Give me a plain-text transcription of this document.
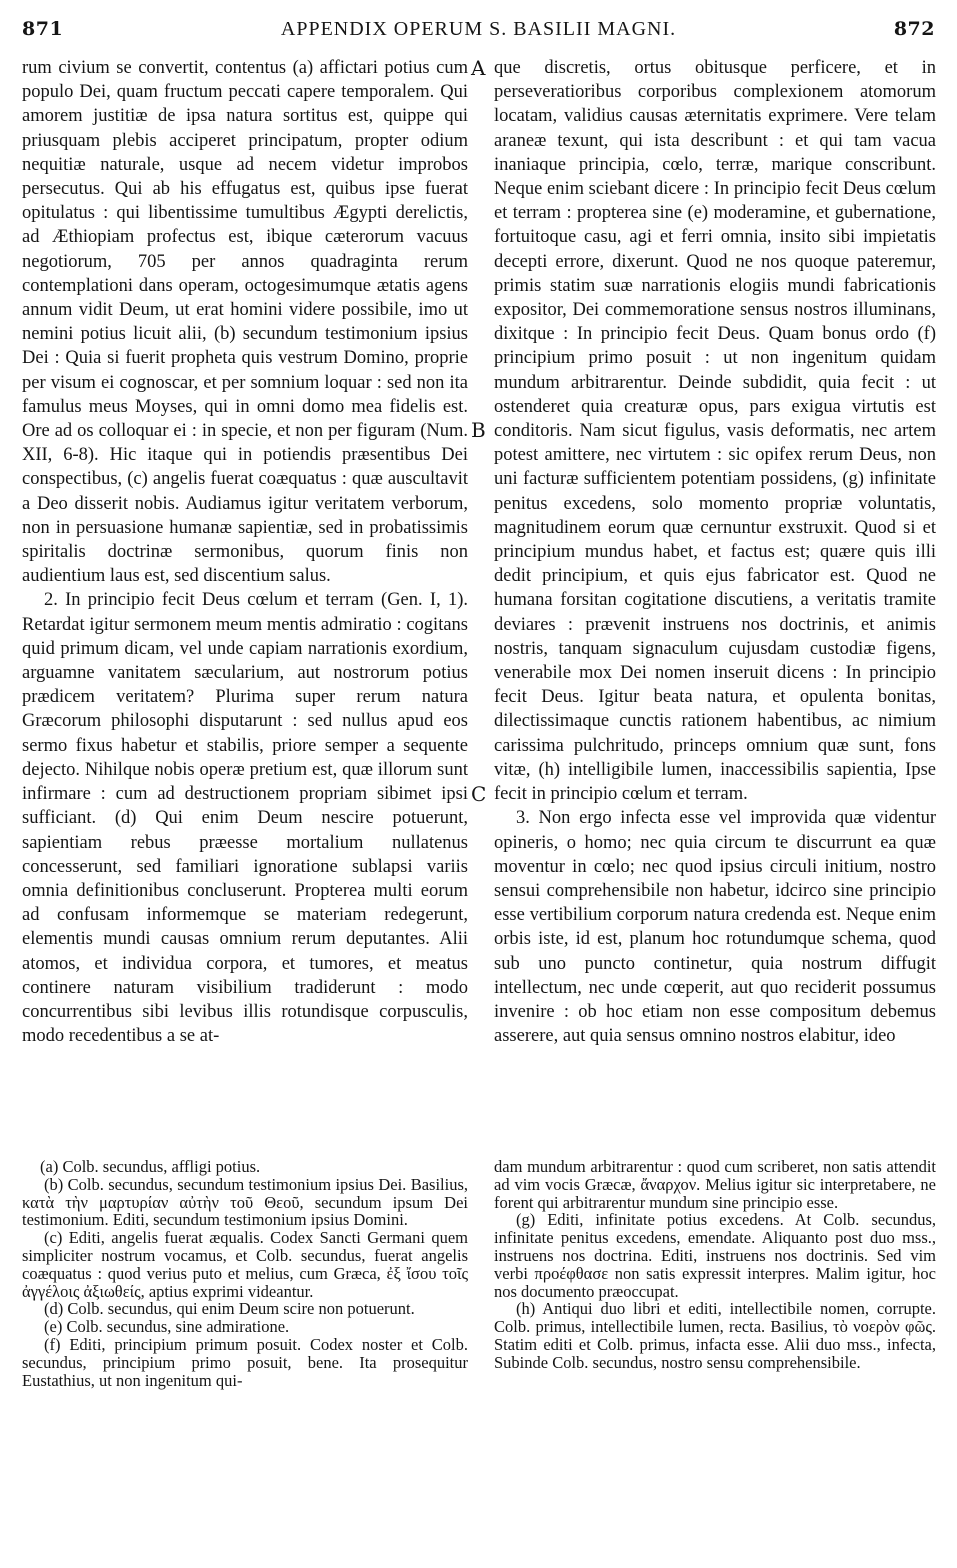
871	APPENDIX OPERUM S. BASILII MAGNI.	872

rum civium se convertit, contentus (a) affictari potius cum populo Dei, quam fructum peccati capere temporalem. Qui amorem justitiæ de ipsa natura sortitus est, quippe qui priusquam plebis acciperet principatum, propter odium nequitiæ naturale, usque ad necem videtur improbos persecutus. Qui ab his effugatus est, quibus ipse fuerat opitulatus : qui libentissime tumultibus Ægypti derelictis, ad Æthiopiam profectus est, ibique cæterorum vacuus negotiorum, 705 per annos quadraginta rerum contemplationi dans operam, octogesimumque ætatis agens annum vidit Deum, ut erat homini videre possibile, imo ut nemini potius licuit alii, (b) secundum testimonium ipsius Dei : Quia si fuerit propheta quis vestrum Domino, proprie per visum ei cognoscar, et per somnium loquar : sed non ita famulus meus Moyses, qui in omni domo mea fidelis est. Ore ad os colloquar ei : in specie, et non per figuram (Num. XII, 6-8). Hic itaque qui in potiendis præsentibus Dei conspectibus, (c) angelis fuerat coæquatus : quæ auscultavit a Deo disserit nobis. Audiamus igitur veritatem verborum, non in persuasione humanæ sapientiæ, sed in probatissimis spiritalis doctrinæ sermonibus, quorum finis non audientium laus est, sed discentium salus.

2. In principio fecit Deus cœlum et terram (Gen. I, 1). Retardat igitur sermonem meum mentis admiratio : cogitans quid primum dicam, vel unde capiam narrationis exordium, arguamne vanitatem sæcularium, aut nostrorum potius prædicem veritatem? Plurima super rerum natura Græcorum philosophi disputarunt : sed nullus apud eos sermo fixus habetur et stabilis, priore semper a sequente dejecto. Nihilque nobis operæ pretium est, quæ illorum sunt infirmare : cum ad destructionem propriam sibimet ipsi sufficiant. (d) Qui enim Deum nescire potuerunt, sapientiam rebus præesse mortalium nullatenus concesserunt, sed familiari ignoratione sublapsi variis omnia definitionibus concluserunt. Propterea multi eorum ad confusam informemque se materiam redegerunt, elementis mundi causas omnium rerum deputantes. Alii atomos, et individua corpora, et tumores, et meatus continere naturam visibilium tradiderunt : modo concurrentibus sibi levibus illis rotundisque corpusculis, modo recedentibus a se at-

A
B
C

que discretis, ortus obitusque perficere, et in perseveratioribus corporibus complexionem atomorum locatam, validius causas æternitatis exprimere. Vere telam araneæ texunt, qui ista describunt : et qui tam vacua inaniaque principia, cœlo, terræ, marique conscribunt. Neque enim sciebant dicere : In principio fecit Deus cœlum et terram : propterea sine (e) moderamine, et gubernatione, fortuitoque casu, agi et ferri omnia, insito sibi impietatis decepti errore, dixerunt. Quod ne nos quoque pateremur, primis statim suæ narrationis elogiis mundi fabricationis expositor, Dei commemoratione sensus nostros illuminans, dixitque : In principio fecit Deus. Quam bonus ordo (f) principium primo posuit : ut non ingenitum quidam mundum arbitrarentur. Deinde subdidit, quia fecit : ut ostenderet quia creaturæ opus, pars exigua virtutis est conditoris. Nam sicut figulus, vasis deformatis, nec artem potest amittere, nec virtutem : sic opifex rerum Deus, non uni facturæ sufficientem potentiam possidens, (g) infinitate penitus excedens, solo momento propriæ voluntatis, magnitudinem eorum quæ cernuntur exstruxit. Quod si et principium mundus habet, et factus est; quære quis illi dedit principium, et quis ejus fabricator est. Quod ne humana forsitan cogitatione discutiens, a veritatis tramite deviares : prævenit instruens nos doctrinis, et animis nostris, tanquam signaculum cujusdam custodiæ figens, venerabile mox Dei nomen inseruit dicens : In principio fecit Deus. Igitur beata natura, et opulenta bonitas, dilectissimaque cunctis rationem habentibus, ac nimium carissima pulchritudo, princeps omnium quæ sunt, fons vitæ, (h) intelligibile lumen, inaccessibilis sapientia, Ipse fecit in principio cœlum et terram.

3. Non ergo infecta esse vel improvida quæ videntur opineris, o homo; nec quia circum te discurrunt ea quæ moventur in cœlo; nec quod ipsius circuli initium, nostro sensui comprehensibile non habetur, idcirco sine principio esse vertibilium corporum natura credenda est. Neque enim orbis iste, id est, planum hoc rotundumque schema, quod sub uno puncto continetur, quia nostrum diffugit intellectum, nec unde cœperit, aut quo reciderit possumus invenire : ob hoc etiam non esse compositum debemus asserere, aut quia sensus omnino nostros elabitur, ideo

(a) Colb. secundus, affligi potius.

(b) Colb. secundus, secundum testimonium ipsius Dei. Basilius, κατὰ τὴν μαρτυρίαν αὐτὴν τοῦ Θεοῦ, secundum ipsum Dei testimonium. Editi, secundum testimonium ipsius Domini.

(c) Editi, angelis fuerat æqualis. Codex Sancti Germani quem simpliciter nostrum vocamus, et Colb. secundus, fuerat angelis coæquatus : quod verius puto et melius, cum Græca, ἐξ ἴσου τοῖς ἀγγέλοις ἀξιωθείς, aptius exprimi videantur.

(d) Colb. secundus, qui enim Deum scire non potuerunt.

(e) Colb. secundus, sine admiratione.

(f) Editi, principium primum posuit. Codex noster et Colb. secundus, principium primo posuit, bene. Ita prosequitur Eustathius, ut non ingenitum qui-

dam mundum arbitrarentur : quod cum scriberet, non satis attendit ad vim vocis Græcæ, ἄναρχον. Melius igitur sic interpretabere, ne forent qui arbitrarentur mundum sine principio esse.

(g) Editi, infinitate potius excedens. At Colb. secundus, infinitate penitus excedens, emendate. Aliquanto post duo mss., instruens nos doctrina. Editi, instruens nos doctrinis. Sed vim verbi προέφθασε non satis expressit interpres. Malim igitur, hoc nos documento præoccupat.

(h) Antiqui duo libri et editi, intellectibile nomen, corrupte. Colb. primus, intellectibile lumen, recta. Basilius, τὸ νοερὸν φῶς. Statim editi et Colb. primus, infacta esse. Alii duo mss., infecta, Subinde Colb. secundus, nostro sensu comprehensibile.
